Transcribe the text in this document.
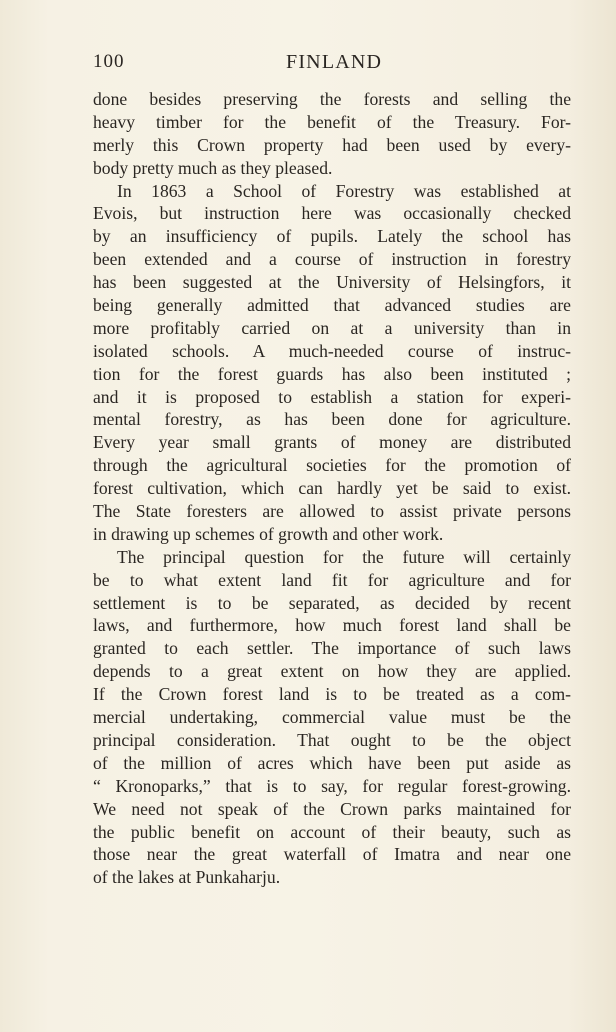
100	FINLAND
done besides preserving the forests and selling the
heavy timber for the benefit of the Treasury. For-
merly this Crown property had been used by every-
body pretty much as they pleased.
In 1863 a School of Forestry was established at
Evois, but instruction here was occasionally checked
by an insufficiency of pupils. Lately the school has
been extended and a course of instruction in forestry
has been suggested at the University of Helsingfors, it
being generally admitted that advanced studies are
more profitably carried on at a university than in
isolated schools. A much-needed course of instruc-
tion for the forest guards has also been instituted ;
and it is proposed to establish a station for experi-
mental forestry, as has been done for agriculture.
Every year small grants of money are distributed
through the agricultural societies for the promotion of
forest cultivation, which can hardly yet be said to exist.
The State foresters are allowed to assist private persons
in drawing up schemes of growth and other work.
The principal question for the future will certainly
be to what extent land fit for agriculture and for
settlement is to be separated, as decided by recent
laws, and furthermore, how much forest land shall be
granted to each settler. The importance of such laws
depends to a great extent on how they are applied.
If the Crown forest land is to be treated as a com-
mercial undertaking, commercial value must be the
principal consideration. That ought to be the object
of the million of acres which have been put aside as
“ Kronoparks,” that is to say, for regular forest-growing.
We need not speak of the Crown parks maintained for
the public benefit on account of their beauty, such as
those near the great waterfall of Imatra and near one
of the lakes at Punkaharju.
